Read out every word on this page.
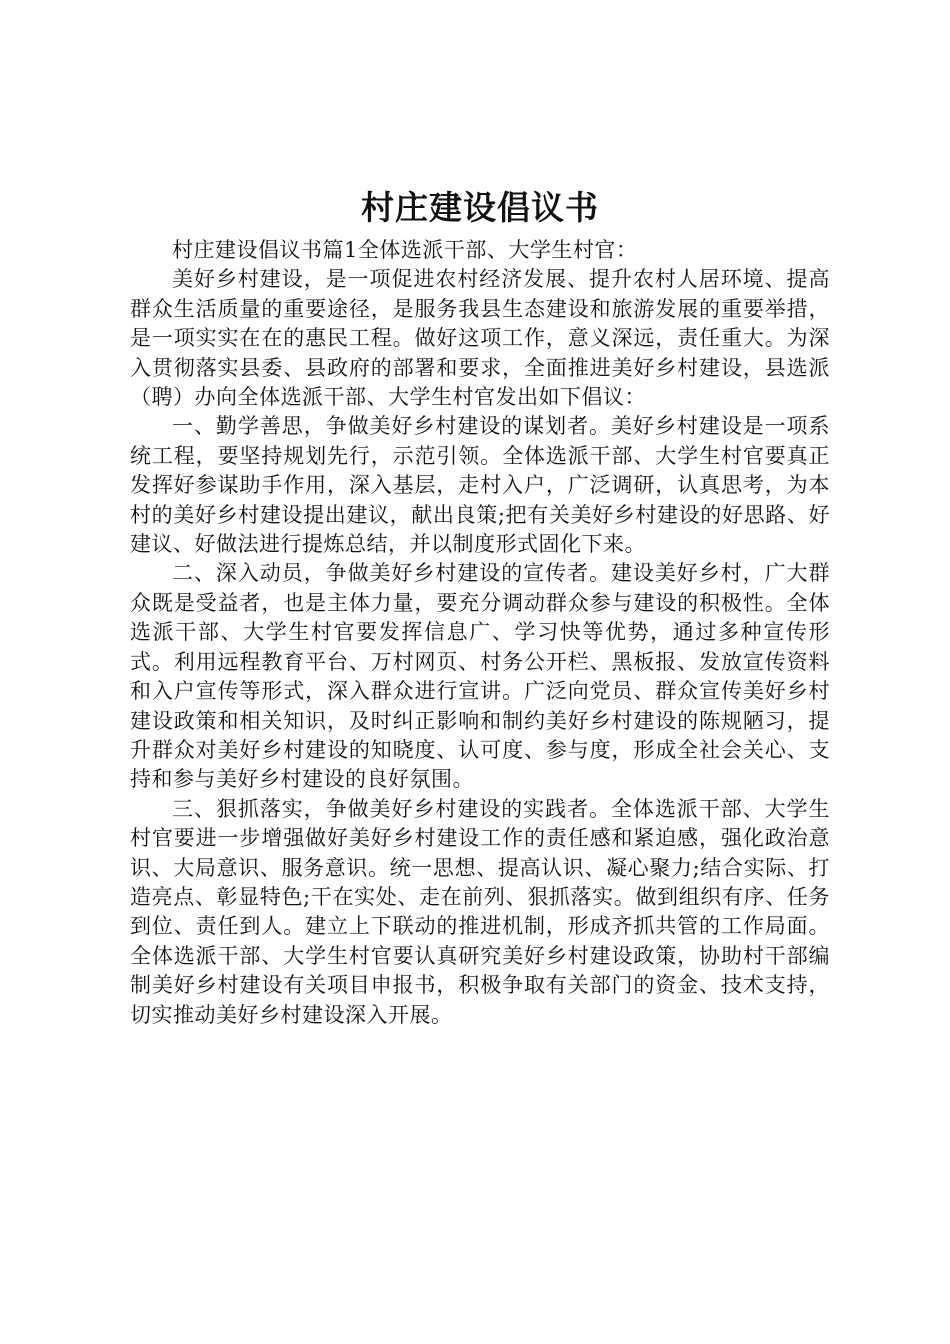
村庄建设倡议书

村庄建设倡议书篇1全体选派干部、大学生村官：

美好乡村建设，是一项促进农村经济发展、提升农村人居环境、提高群众生活质量的重要途径，是服务我县生态建设和旅游发展的重要举措，是一项实实在在的惠民工程。做好这项工作，意义深远，责任重大。为深入贯彻落实县委、县政府的部署和要求，全面推进美好乡村建设，县选派（聘）办向全体选派干部、大学生村官发出如下倡议：

一、勤学善思，争做美好乡村建设的谋划者。美好乡村建设是一项系统工程，要坚持规划先行，示范引领。全体选派干部、大学生村官要真正发挥好参谋助手作用，深入基层，走村入户，广泛调研，认真思考，为本村的美好乡村建设提出建议，献出良策;把有关美好乡村建设的好思路、好建议、好做法进行提炼总结，并以制度形式固化下来。

二、深入动员，争做美好乡村建设的宣传者。建设美好乡村，广大群众既是受益者，也是主体力量，要充分调动群众参与建设的积极性。全体选派干部、大学生村官要发挥信息广、学习快等优势，通过多种宣传形式。利用远程教育平台、万村网页、村务公开栏、黑板报、发放宣传资料和入户宣传等形式，深入群众进行宣讲。广泛向党员、群众宣传美好乡村建设政策和相关知识，及时纠正影响和制约美好乡村建设的陈规陋习，提升群众对美好乡村建设的知晓度、认可度、参与度，形成全社会关心、支持和参与美好乡村建设的良好氛围。

三、狠抓落实，争做美好乡村建设的实践者。全体选派干部、大学生村官要进一步增强做好美好乡村建设工作的责任感和紧迫感，强化政治意识、大局意识、服务意识。统一思想、提高认识、凝心聚力;结合实际、打造亮点、彰显特色;干在实处、走在前列、狠抓落实。做到组织有序、任务到位、责任到人。建立上下联动的推进机制，形成齐抓共管的工作局面。全体选派干部、大学生村官要认真研究美好乡村建设政策，协助村干部编制美好乡村建设有关项目申报书，积极争取有关部门的资金、技术支持，切实推动美好乡村建设深入开展。
